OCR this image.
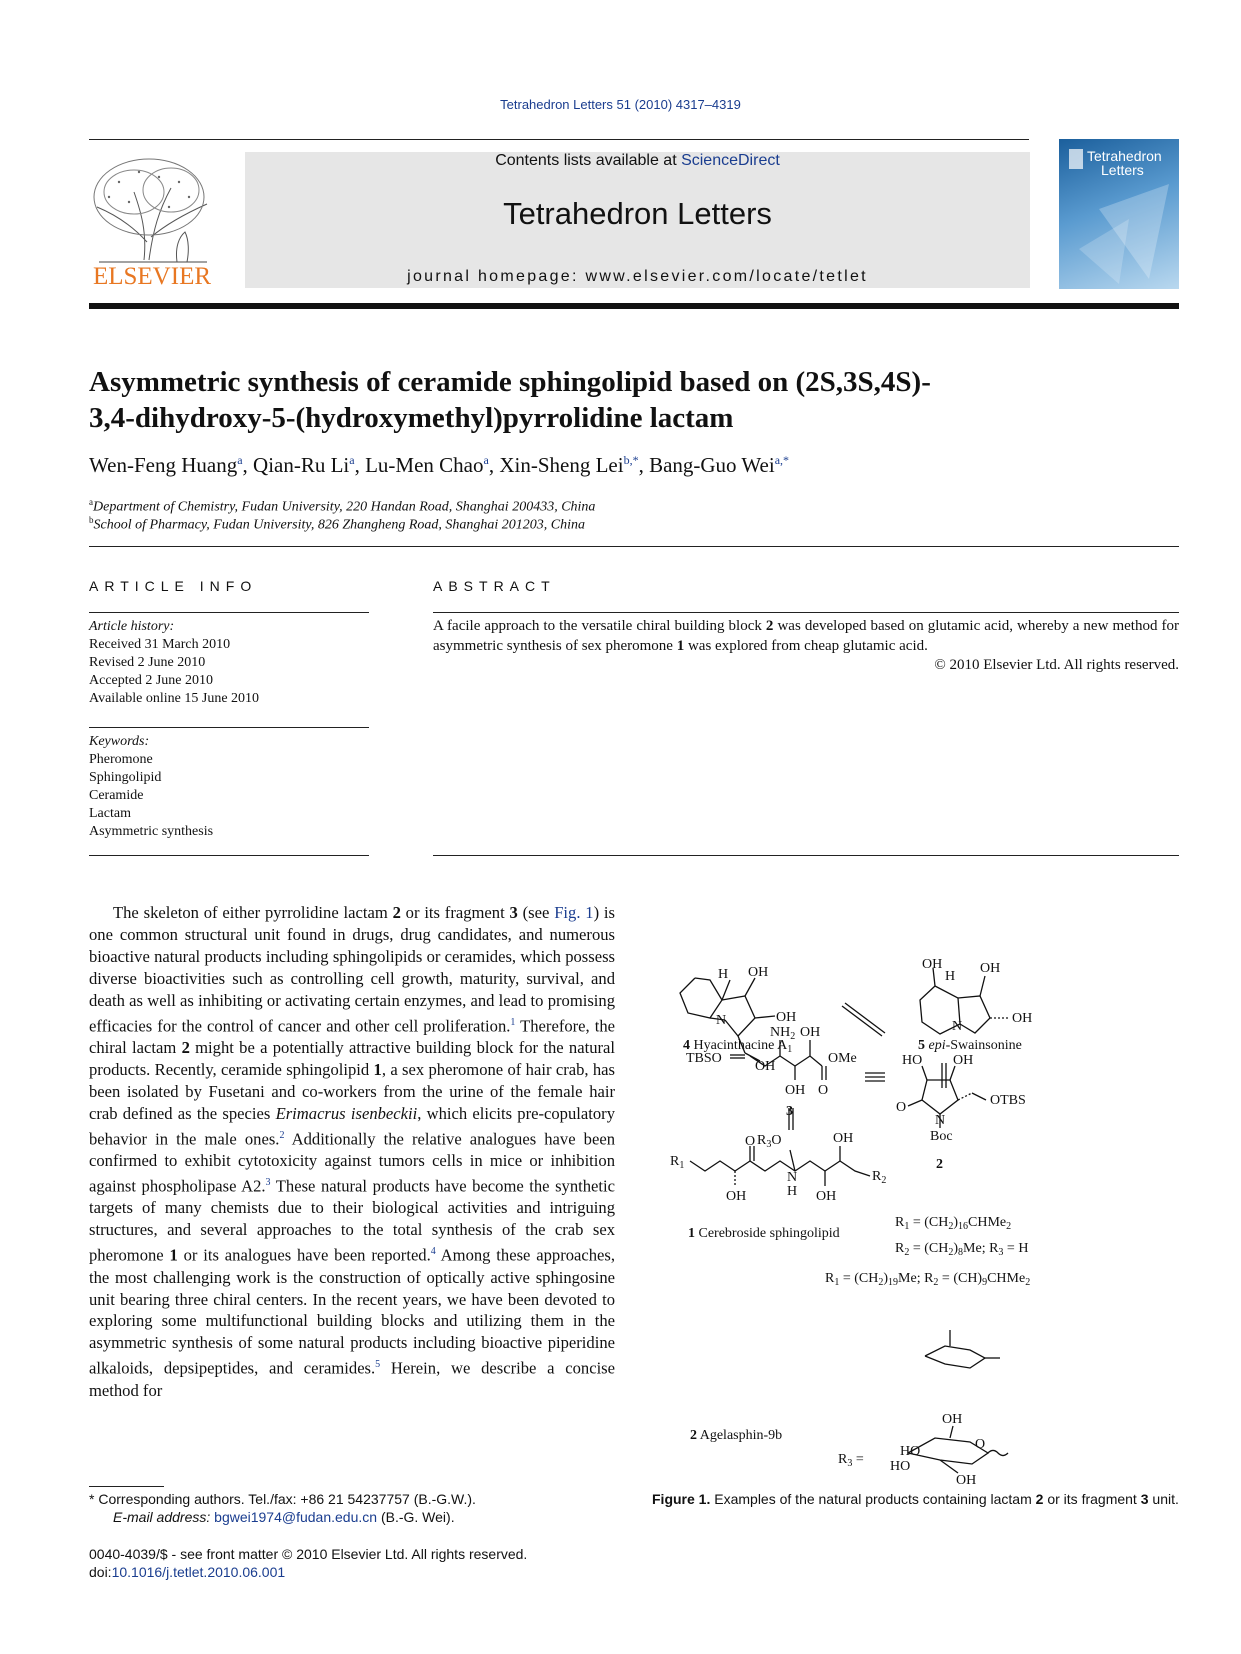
Tetrahedron Letters 51 (2010) 4317–4319
ELSEVIER
Contents lists available at ScienceDirect
Tetrahedron Letters
journal homepage: www.elsevier.com/locate/tetlet
Tetrahedron
Letters
Asymmetric synthesis of ceramide sphingolipid based on (2S,3S,4S)-
3,4-dihydroxy-5-(hydroxymethyl)pyrrolidine lactam
Wen-Feng Huang$^a$, Qian-Ru Li$^a$, Lu-Men Chao$^a$, Xin-Sheng Lei$^{b,*}$, Bang-Guo Wei$^{a,*}$
$^a$Department of Chemistry, Fudan University, 220 Handan Road, Shanghai 200433, China
$^b$School of Pharmacy, Fudan University, 826 Zhangheng Road, Shanghai 201203, China
ARTICLE INFO
Article history:
Received 31 March 2010
Revised 2 June 2010
Accepted 2 June 2010
Available online 15 June 2010
Keywords:
Pheromone
Sphingolipid
Ceramide
Lactam
Asymmetric synthesis
ABSTRACT
A facile approach to the versatile chiral building block 2 was developed based on glutamic acid, whereby a new method for asymmetric synthesis of sex pheromone 1 was explored from cheap glutamic acid.
© 2010 Elsevier Ltd. All rights reserved.

The skeleton of either pyrrolidine lactam 2 or its fragment 3 (see Fig. 1) is one common structural unit found in drugs, drug candidates, and numerous bioactive natural products including sphingolipids or ceramides, which possess diverse bioactivities such as controlling cell growth, maturity, survival, and death as well as inhibiting or activating certain enzymes, and lead to promising efficacies for the control of cancer and other cell proliferation.$^1$ Therefore, the chiral lactam 2 might be a potentially attractive building block for the natural products. Recently, ceramide sphingolipid 1, a sex pheromone of hair crab, has been isolated by Fusetani and co-workers from the urine of the female hair crab defined as the species Erimacrus isenbeckii, which elicits pre-copulatory behavior in the male ones.$^2$ Additionally the relative analogues have been confirmed to exhibit cytotoxicity against tumors cells in mice or inhibition against phospholipase A2.$^3$ These natural products have become the synthetic targets of many chemists due to their biological activities and intriguing structures, and several approaches to the total synthesis of the crab sex pheromone 1 or its analogues have been reported.$^4$ Among these approaches, the most challenging work is the construction of optically active sphingosine unit bearing three chiral centers. In the recent years, we have been devoted to exploring some multifunctional building blocks and utilizing them in the asymmetric synthesis of some natural products including bioactive piperidine alkaloids, depsipeptides, and ceramides.$^5$ Herein, we describe a concise method for

H OH
OH
N
OH
4 Hyacinthacine $A_1$
OH
H
OH
OH
N
5 epi-Swainsonine
TBSO
$NH_2$ OH
OMe
OH O
3
HO OH
OTBS
O
N
Boc
2
$R_3O$
O	OH
$R_1$
$R_2$
N
H
OH	OH
1 Cerebroside sphingolipid
$R_1$ = $(CH_2)_{16}CHMe_2$
$R_2 = (CH_2)_8Me$; $R_3 = H$
$R_1 = (CH_2)_{19}Me$; $R_2$ = $(CH)_9CHMe_2$
2 Agelasphin-9b
$R_3$ =
OH
HO
HO
O
OH
Figure 1. Examples of the natural products containing lactam 2 or its fragment 3 unit.
* Corresponding authors. Tel./fax: +86 21 54237757 (B.-G.W.).
E-mail address: bgwei1974@fudan.edu.cn (B.-G. Wei).
0040-4039/$ - see front matter © 2010 Elsevier Ltd. All rights reserved.
doi:10.1016/j.tetlet.2010.06.001
